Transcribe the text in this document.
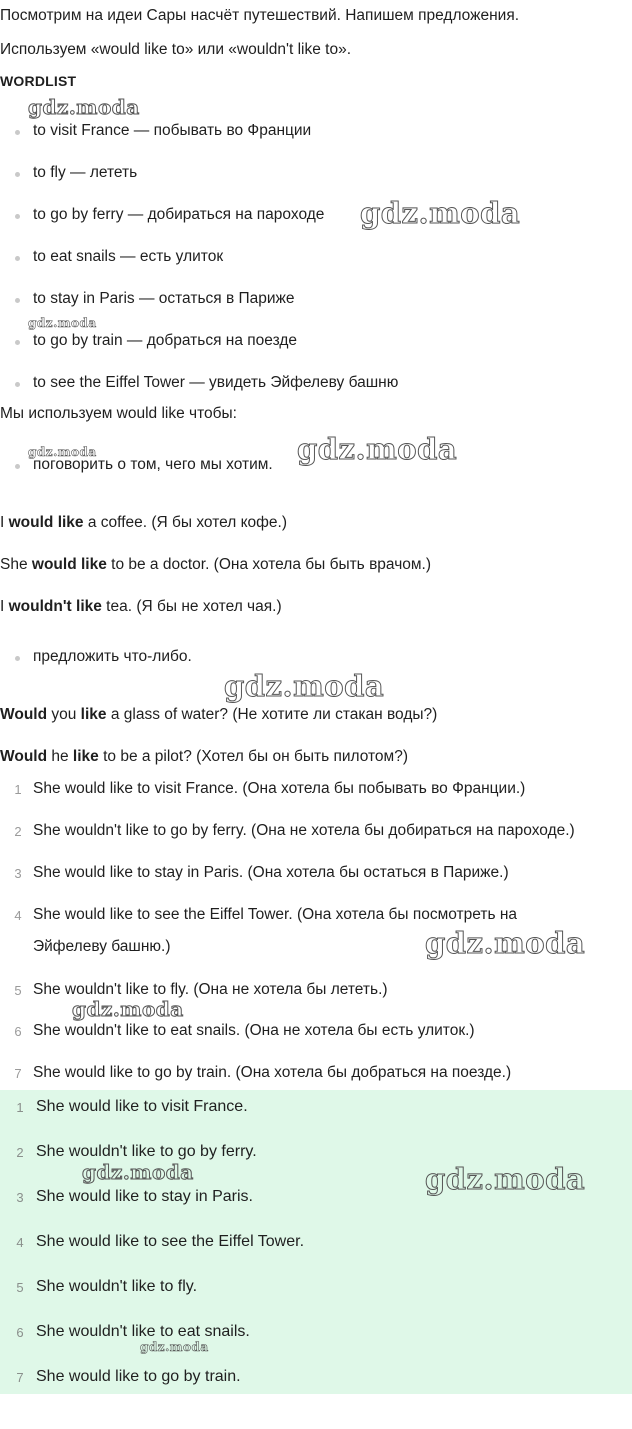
Посмотрим на идеи Сары насчёт путешествий. Напишем предложения.
Используем «would like to» или «wouldn't like to».
WORDLIST
to visit France — побывать во Франции
to fly — лететь
to go by ferry — добираться на пароходе
to eat snails — есть улиток
to stay in Paris — остаться в Париже
to go by train — добраться на поезде
to see the Eiffel Tower — увидеть Эйфелеву башню
Мы используем would like чтобы:
поговорить о том, чего мы хотим.
I would like a coffee. (Я бы хотел кофе.)
She would like to be a doctor. (Она хотела бы быть врачом.)
I wouldn't like tea. (Я бы не хотел чая.)
предложить что-либо.
Would you like a glass of water? (Не хотите ли стакан воды?)
Would he like to be a pilot? (Хотел бы он быть пилотом?)
1 She would like to visit France. (Она хотела бы побывать во Франции.)
2 She wouldn't like to go by ferry. (Она не хотела бы добираться на пароходе.)
3 She would like to stay in Paris. (Она хотела бы остаться в Париже.)
4 She would like to see the Eiffel Tower. (Она хотела бы посмотреть на
Эйфелеву башню.)
5 She wouldn't like to fly. (Она не хотела бы лететь.)
6 She wouldn't like to eat snails. (Она не хотела бы есть улиток.)
7 She would like to go by train. (Она хотела бы добраться на поезде.)
1 She would like to visit France.
2 She wouldn't like to go by ferry.
3 She would like to stay in Paris.
4 She would like to see the Eiffel Tower.
5 She wouldn't like to fly.
6 She wouldn't like to eat snails.
7 She would like to go by train.
gdz.moda
gdz.moda
gdz.moda
gdz.moda	gdz.moda
gdz.moda
gdz.moda
gdz.moda
